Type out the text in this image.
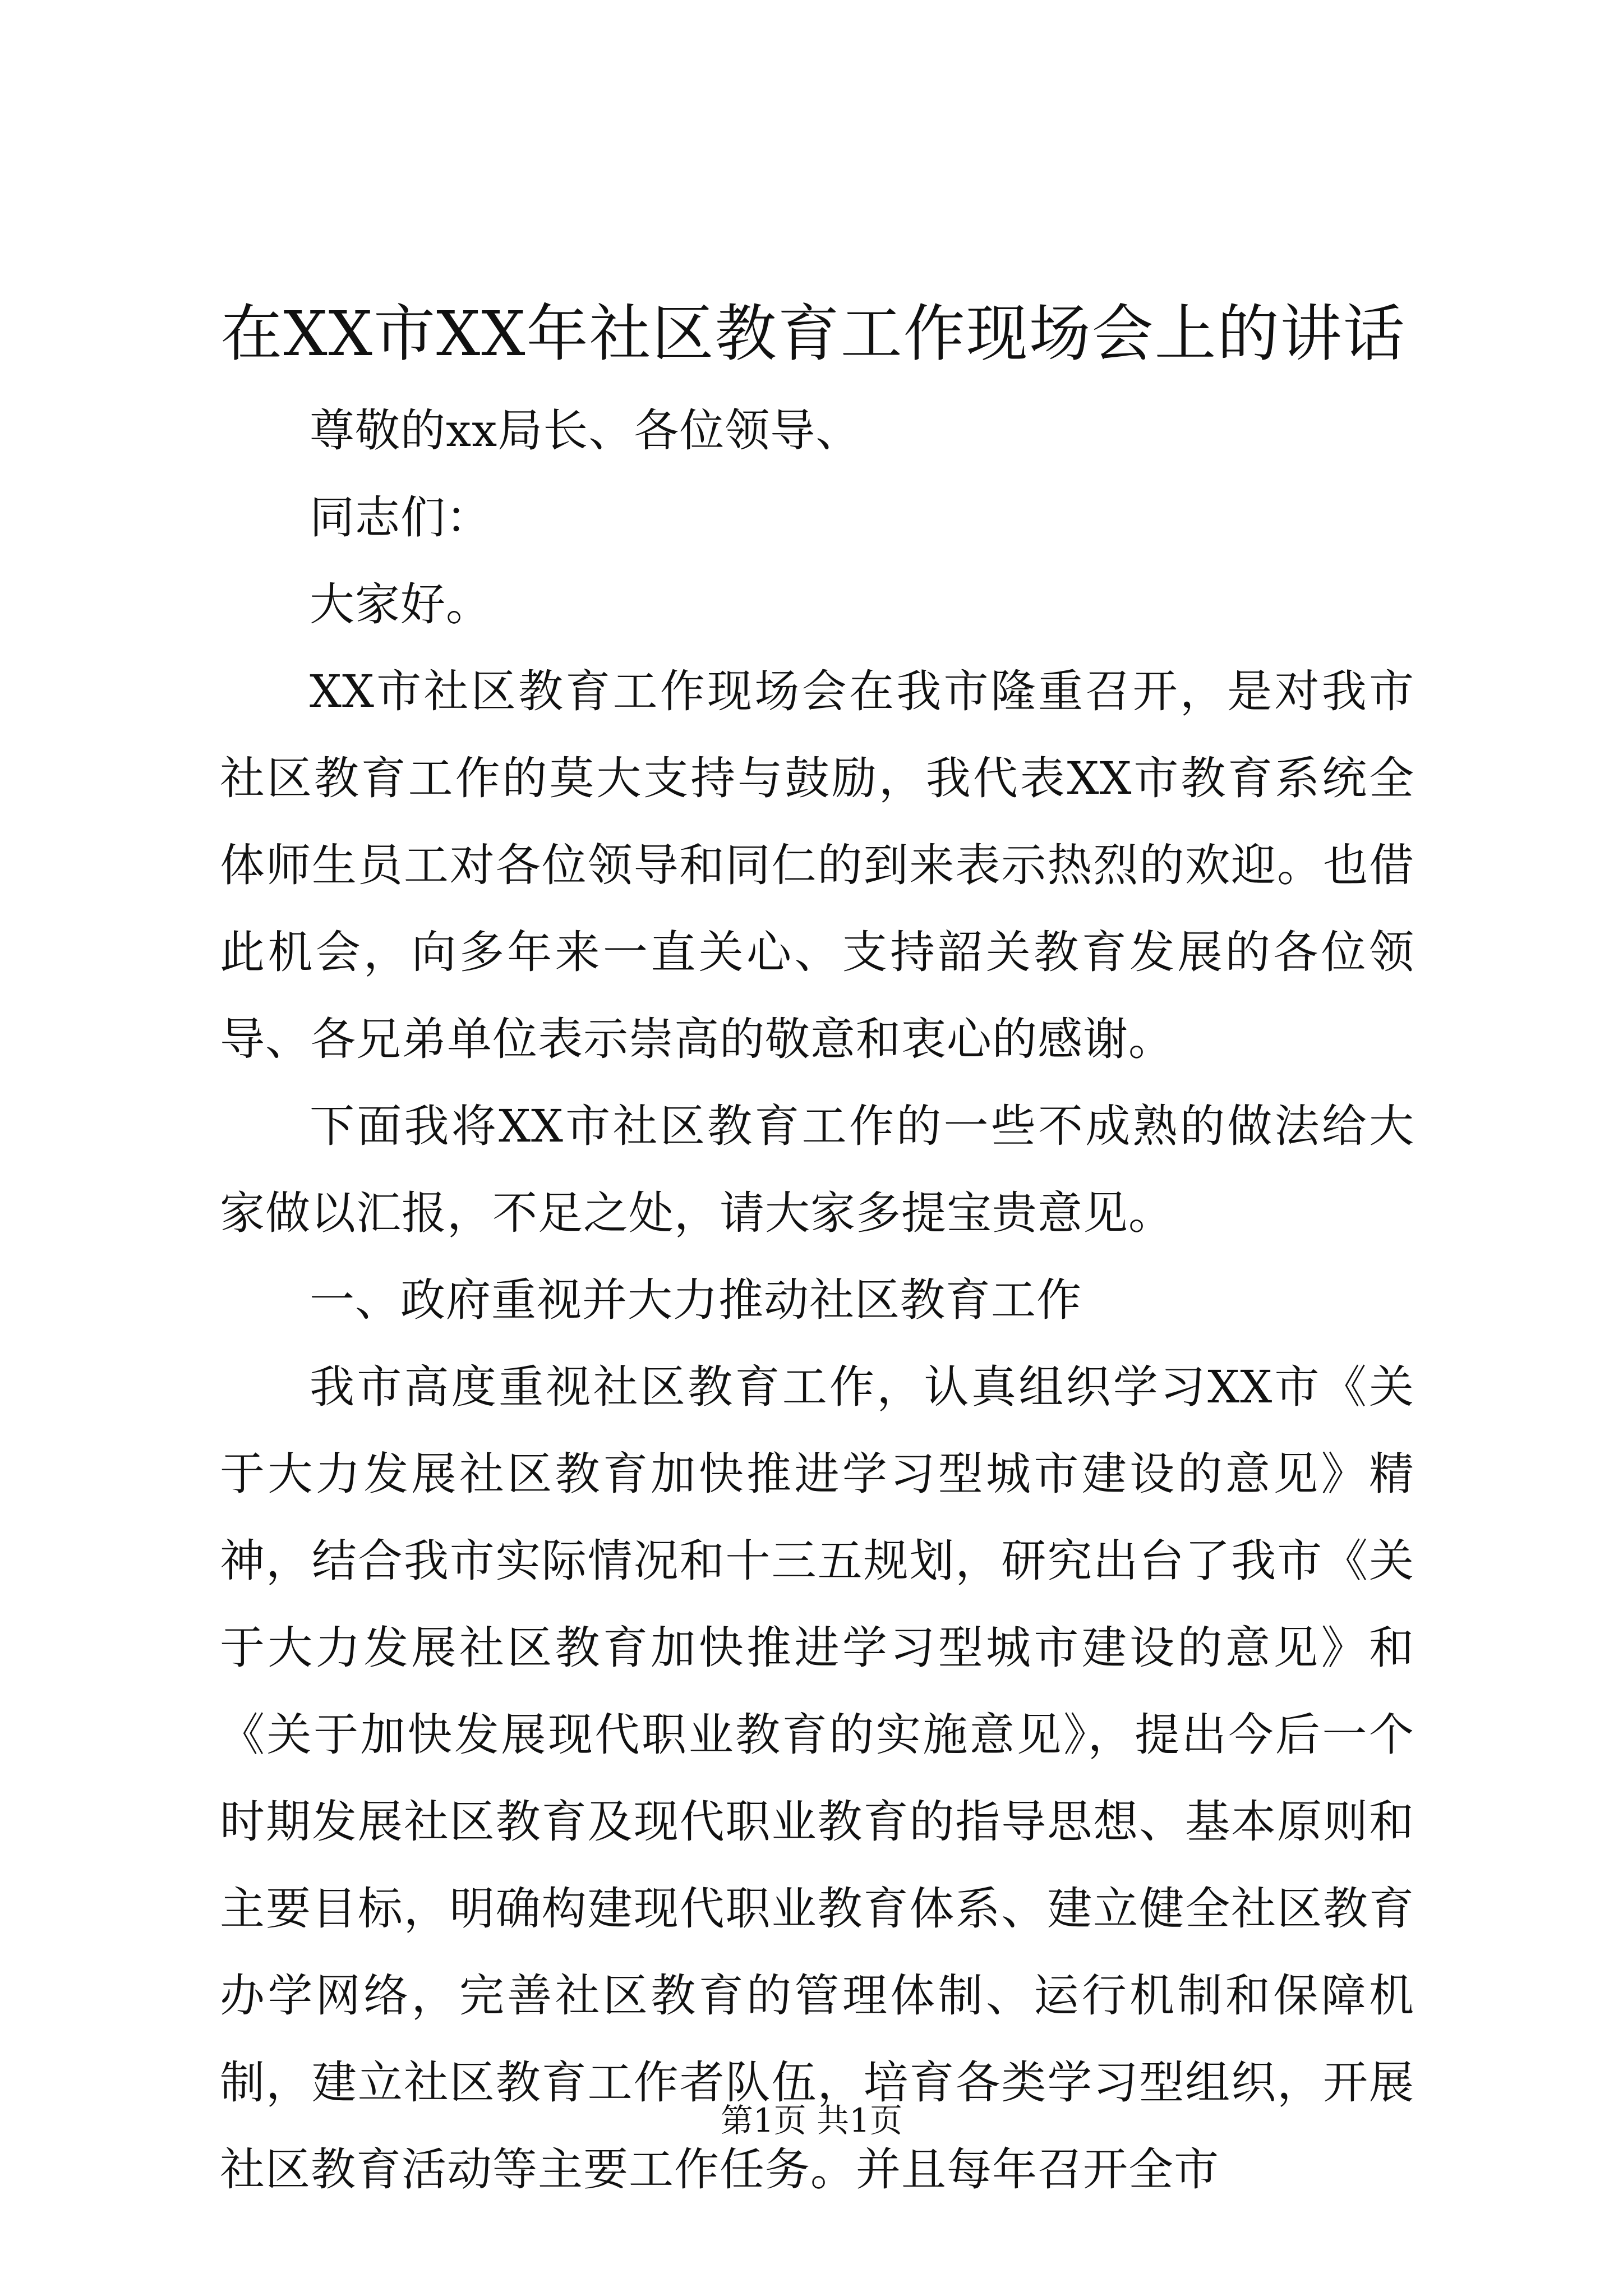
在XX市XX年社区教育工作现场会上的讲话

尊敬的xx局长、各位领导、

同志们：

大家好。

XX市社区教育工作现场会在我市隆重召开，是对我市社区教育工作的莫大支持与鼓励，我代表XX市教育系统全体师生员工对各位领导和同仁的到来表示热烈的欢迎。也借此机会，向多年来一直关心、支持韶关教育发展的各位领导、各兄弟单位表示崇高的敬意和衷心的感谢。

下面我将XX市社区教育工作的一些不成熟的做法给大家做以汇报，不足之处，请大家多提宝贵意见。

一、政府重视并大力推动社区教育工作

我市高度重视社区教育工作，认真组织学习XX市《关于大力发展社区教育加快推进学习型城市建设的意见》精神，结合我市实际情况和十三五规划，研究出台了我市《关于大力发展社区教育加快推进学习型城市建设的意见》和《关于加快发展现代职业教育的实施意见》，提出今后一个时期发展社区教育及现代职业教育的指导思想、基本原则和主要目标，明确构建现代职业教育体系、建立健全社区教育办学网络，完善社区教育的管理体制、运行机制和保障机制，建立社区教育工作者队伍，培育各类学习型组织，开展社区教育活动等主要工作任务。并且每年召开全市

第1页 共1页
